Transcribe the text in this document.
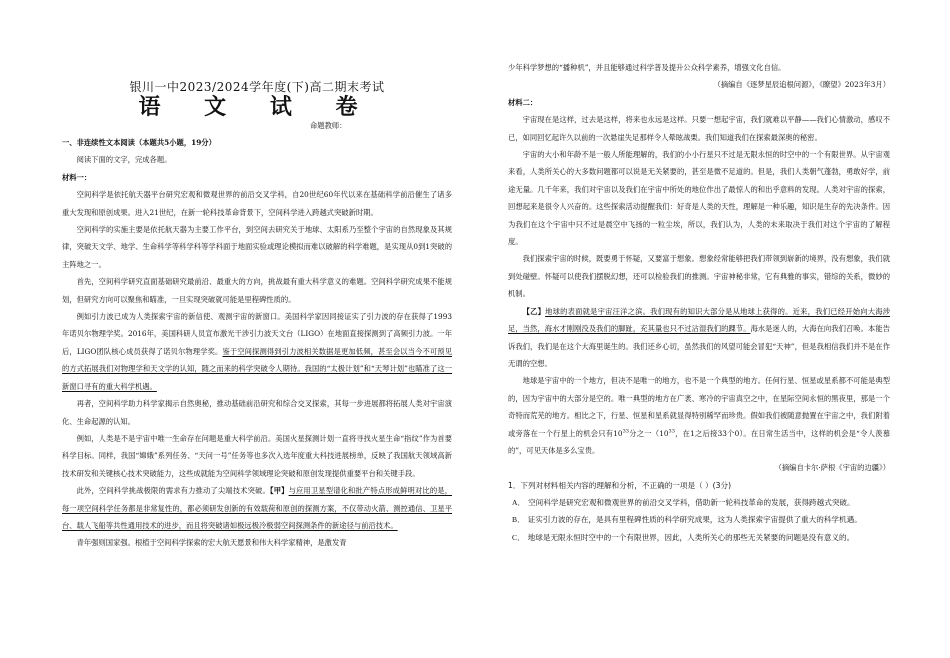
银川一中2023/2024学年度(下)高二期末考试
语 文 试 卷
命题教师：

一、非连续性文本阅读（本题共5小题，19分）

阅读下面的文字，完成各题。

材料一：

空间科学是依托航天器平台研究宏观和微观世界的前沿交叉学科，自20世纪60年代以来在基础科学前沿催生了诸多重大发现和原创成果。进入21世纪，在新一轮科技革命背景下，空间科学进入跨越式突破新时期。

空间科学的实施主要是依托航天器为主要工作平台，到空间去研究关于地球、太阳系乃至整个宇宙的自然现象及其规律，突破天文学、地学、生命科学等科学科等学科面于地面实验或理论模拟而难以破解的科学难题，是实现从0到1突破的主阵地之一。

首先，空间科学研究直面基础研究最前沿、最重大的方向，挑战最有重大科学意义的难题。空间科学研究成果不能规划，但研究方向可以聚焦和瞄准，一旦实现突破就可能是里程碑性质的。

例如引力波已成为人类探索宇宙的新信使、观测宇宙的新窗口。美国科学家因同接证实了引力波的存在获得了1993年诺贝尔物理学奖。2016年，美国科研人员宣布激光干涉引力波天文台（LIGO）在地面直接探测到了高频引力波。一年后，LIGO团队核心成员获得了诺贝尔物理学奖。鉴于空间探测得到引力波相关数据是更加低频，甚至会以当今不可预见的方式拓展我们对物理学和天文学的认知，随之而来的科学突破令人期待。我国的“太极计划”和“天琴计划”也瞄准了这一新窗口寻有的重大科学机遇。

再者，空间科学助力科学家揭示自然奥秘，推动基础前沿研究和综合交叉探索，其每一步进展都将拓展人类对宇宙演化、生命起源的认知。

例如，人类是不是宇宙中唯一生命存在问题是重大科学前沿。美国火星探测计划一直将寻找火星生命“指纹”作为首要科学目标。同样，我国“嫦娥”系列任务、“天问一号”任务等也多次入选年度重大科技进展榜单，反映了我国航天领域高新技术研发和关键核心技术突破能力，这些成就能为空间科学领域理论突破和原创发现提供重要平台和关键手段。

此外，空间科学挑战极限的需求有力推动了尖端技术突破。【甲】与应用卫星型谱化和批产特点形成鲜明对比的是，每一项空间科学任务都是非常复性的，都必须研发创新的有效载荷和原创的探测方案，不仅带动火箭、测控通信、卫星平台、载人飞船等共性通用技术的进步，而且将突破诸如极远极冷极弱空间探测条件的新途径与前沿技术。

青年强则国家强。根植于空间科学探索的宏大航天愿景和伟大科学家精神，是激发青

少年科学梦想的“播种机”，并且能够通过科学普及提升公众科学素养，增强文化自信。

（摘编自《逐梦星辰追根问源》，《瞭望》2023年3月）

材料二：

宇宙现在是这样，过去是这样，将来也永远是这样。只要一想起宇宙，我们就难以平静——我们心情激动，感叹不已，如同回忆起许久以前的一次悬崖失足那样令人晕眩战栗。我们知道我们在探索最深奥的秘密。

宇宙的大小和年龄不是一般人所能理解的，我们的小小行星只不过是无限永恒的时空中的一个有限世界。从宇宙观来看，人类所关心的大多数问题都可以说是无关紧要的，甚至是微不足道的。但是，我们人类朝气蓬勃，勇敢好学，前途无量。几千年来，我们对宇宙以及我们在宇宙中所处的地位作出了最惊人的和出乎意料的发现。人类对宇宙的探索，回想起来是很令人兴奋的。这些探索活动提醒我们：好奇是人类的天性，理解是一种乐趣，知识是生存的先决条件。因为我们在这个宇宙中只不过是晨空中飞扬的一粒尘埃，所以，我们认为，人类的未来取决于我们对这个宇宙的了解程度。

我们探索宇宙的时候，既要勇于怀疑，又要富于想象。想象经常能够把我们带领到崭新的境界，没有想象，我们就到处碰壁。怀疑可以使我们摆脱幻想，还可以检验我们的推测。宇宙神秘非常，它有典雅的事实，错综的关系，微妙的机制。

【乙】地球的表面就是宇宙汪洋之滨。我们现有的知识大部分是从地球上获得的。近来，我们已经开始向大海涉足，当然，海水才刚刚没及我们的脚趾，充其量也只不过沾湿我们的踝节。海水是迷人的，大海在向我们召唤。本能告诉我们，我们是在这个大海里诞生的。我们还乡心切，虽然我们的风望可能会冒犯“天神”，但是我相信我们并不是在作无谓的空想。

地球是宇宙中的一个地方，但决不是唯一的地方，也不是一个典型的地方。任何行星、恒星或星系都不可能是典型的，因为宇宙中的大部分是空的。唯一典型的地方在广袤、寒冷的宇宙真空之中，在星际空间永恒的黑夜里，那是一个奇特而荒芜的地方。相比之下，行星、恒星和星系就显得特别稀罕而珍贵。假如我们被随意抛置在宇宙之中，我们附着或旁落在一个行星上的机会只有$10^{33}$分之一（$10^{33}$，在1之后接33个0）。在日常生活当中，这样的机会是“令人羡慕的”，可见天体是多么宝贵。

（摘编自卡尔·萨根《宇宙的边疆》）

1．下列对材料相关内容的理解和分析，不正确的一项是（ ）(3分)

A． 空间科学是研究宏观和微观世界的前沿交叉学科，借助新一轮科技革命的发展，获得跨越式突破。

B． 证实引力波的存在，是具有里程碑性质的科学研究成果，这为人类探索宇宙提供了重大的科学机遇。

C． 地球是无限永恒时空中的一个有限世界，因此，人类所关心的那些无关紧要的问题是没有意义的。
